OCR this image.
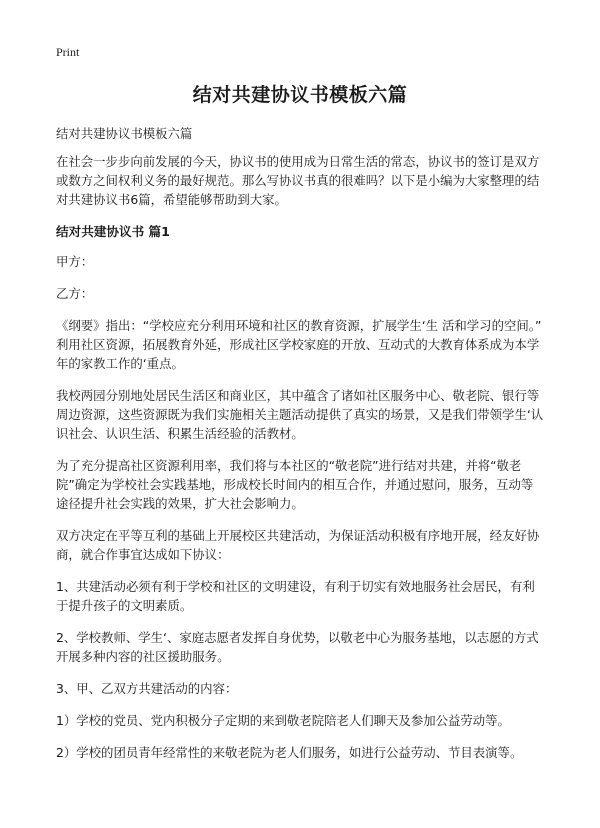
Print
结对共建协议书模板六篇
结对共建协议书模板六篇
在社会一步步向前发展的今天，协议书的使用成为日常生活的常态，协议书的签订是双方或数方之间权利义务的最好规范。那么写协议书真的很难吗？以下是小编为大家整理的结对共建协议书6篇，希望能够帮助到大家。
结对共建协议书 篇1
甲方：
乙方：
《纲要》指出：“学校应充分利用环境和社区的教育资源，扩展学生‘生 活和学习的空间。” 利用社区资源，拓展教育外延，形成社区学校家庭的开放、互动式的大教育体系成为本学年的家教工作的‘重点。
我校两园分别地处居民生活区和商业区，其中蕴含了诸如社区服务中心、敬老院、银行等周边资源，这些资源既为我们实施相关主题活动提供了真实的场景，又是我们带领学生‘认识社会、认识生活、积累生活经验的活教材。
为了充分提高社区资源利用率，我们将与本社区的“敬老院”进行结对共建，并将“敬老院”确定为学校社会实践基地，形成校长时间内的相互合作，并通过慰问，服务，互动等途径提升社会实践的效果，扩大社会影响力。
双方决定在平等互利的基础上开展校区共建活动，为保证活动积极有序地开展，经友好协商，就合作事宜达成如下协议：
1、共建活动必须有利于学校和社区的文明建设，有利于切实有效地服务社会居民，有利于提升孩子的文明素质。
2、学校教师、学生‘、家庭志愿者发挥自身优势，以敬老中心为服务基地，以志愿的方式开展多种内容的社区援助服务。
3、甲、乙双方共建活动的内容：
1）学校的党员、党内积极分子定期的来到敬老院陪老人们聊天及参加公益劳动等。
2）学校的团员青年经常性的来敬老院为老人们服务，如进行公益劳动、节目表演等。
